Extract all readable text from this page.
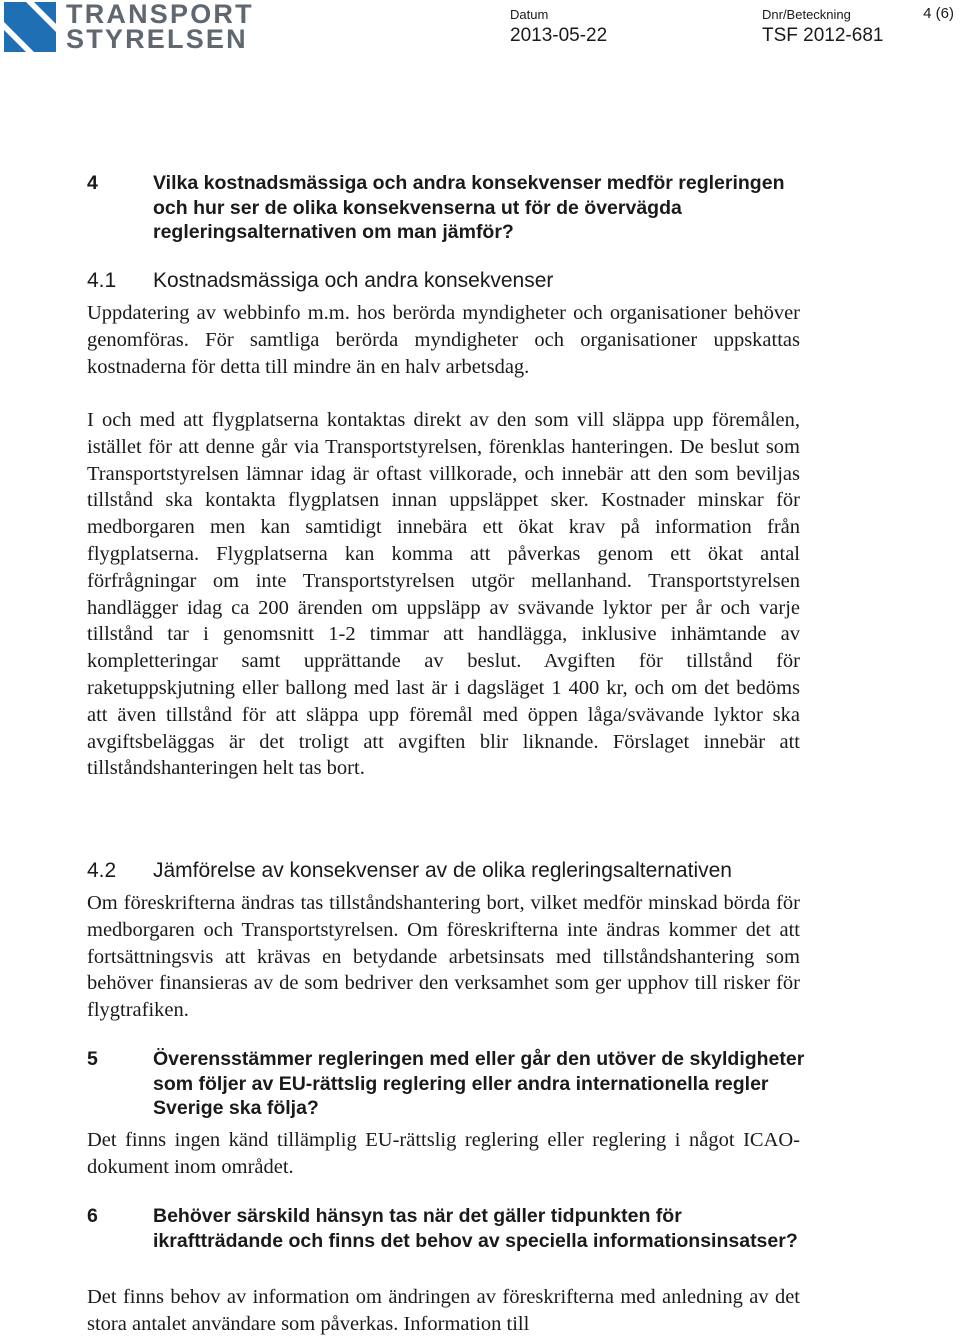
TRANSPORT
STYRELSEN
Datum
2013-05-22
Dnr/Beteckning
TSF 2012-681
4 (6)
4	Vilka kostnadsmässiga och andra konsekvenser medför regleringen och hur ser de olika konsekvenserna ut för de övervägda regleringsalternativen om man jämför?
4.1 Kostnadsmässiga och andra konsekvenser

Uppdatering av webbinfo m.m. hos berörda myndigheter och organisationer behöver genomföras. För samtliga berörda myndigheter och organisationer uppskattas kostnaderna för detta till mindre än en halv arbetsdag.

I och med att flygplatserna kontaktas direkt av den som vill släppa upp föremålen, istället för att denne går via Transportstyrelsen, förenklas hanteringen. De beslut som Transportstyrelsen lämnar idag är oftast villkorade, och innebär att den som beviljas tillstånd ska kontakta flygplatsen innan uppsläppet sker. Kostnader minskar för medborgaren men kan samtidigt innebära ett ökat krav på information från flygplatserna. Flygplatserna kan komma att påverkas genom ett ökat antal förfrågningar om inte Transportstyrelsen utgör mellanhand. Transportstyrelsen handlägger idag ca 200 ärenden om uppsläpp av svävande lyktor per år och varje tillstånd tar i genomsnitt 1-2 timmar att handlägga, inklusive inhämtande av kompletteringar samt upprättande av beslut. Avgiften för tillstånd för raketuppskjutning eller ballong med last är i dagsläget 1 400 kr, och om det bedöms att även tillstånd för att släppa upp föremål med öppen låga/svävande lyktor ska avgiftsbeläggas är det troligt att avgiften blir liknande. Förslaget innebär att tillståndshanteringen helt tas bort.

4.2 Jämförelse av konsekvenser av de olika regleringsalternativen

Om föreskrifterna ändras tas tillståndshantering bort, vilket medför minskad börda för medborgaren och Transportstyrelsen. Om föreskrifterna inte ändras kommer det att fortsättningsvis att krävas en betydande arbetsinsats med tillståndshantering som behöver finansieras av de som bedriver den verksamhet som ger upphov till risker för flygtrafiken.

5	Överensstämmer regleringen med eller går den utöver de skyldigheter som följer av EU-rättslig reglering eller andra internationella regler Sverige ska följa?

Det finns ingen känd tillämplig EU-rättslig reglering eller reglering i något ICAO-dokument inom området.

6	Behöver särskild hänsyn tas när det gäller tidpunkten för ikraftträdande och finns det behov av speciella informationsinsatser?

Det finns behov av information om ändringen av föreskrifterna med anledning av det stora antalet användare som påverkas. Information till
